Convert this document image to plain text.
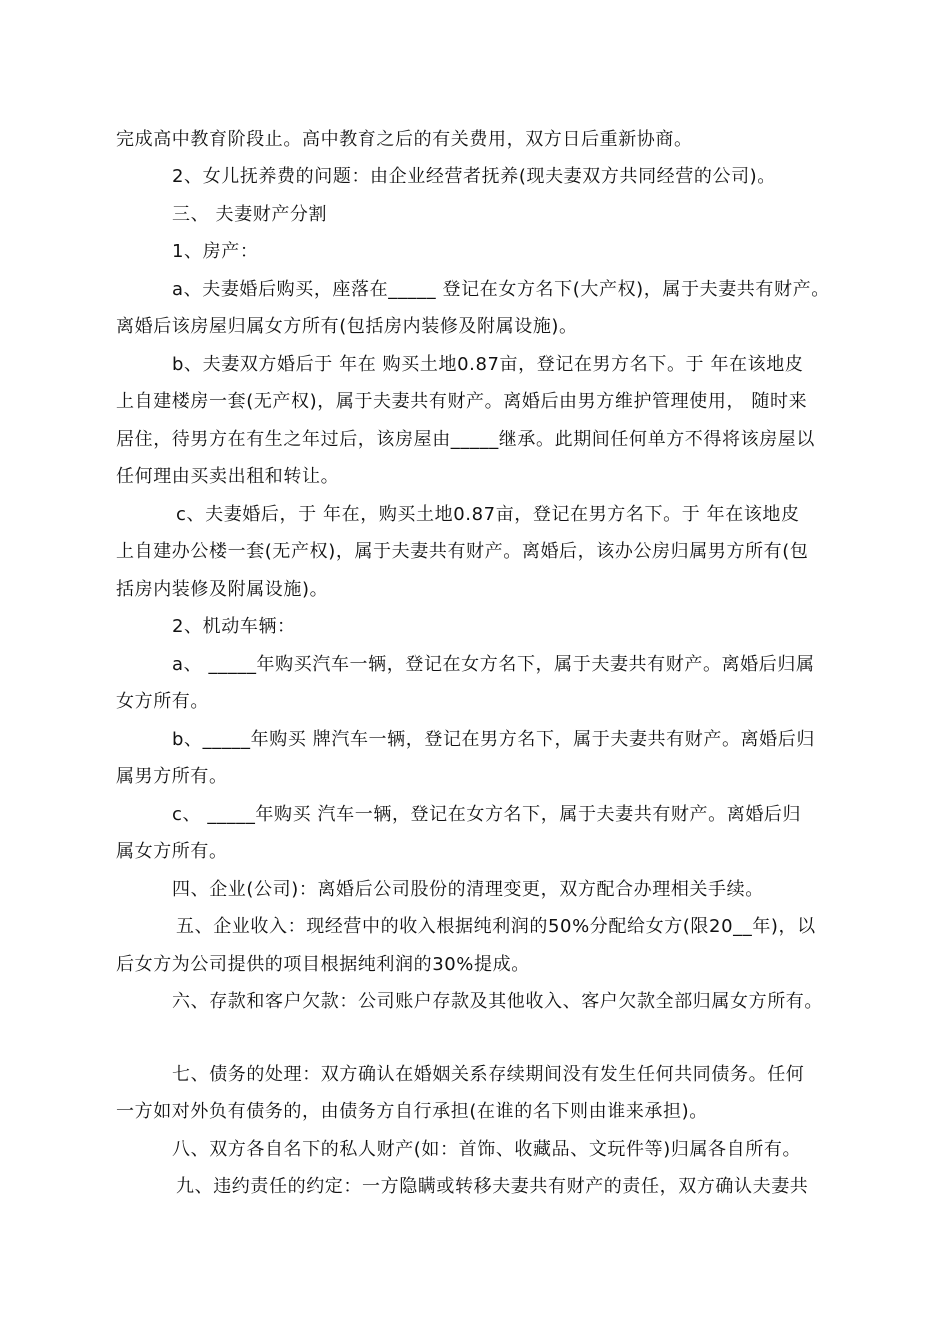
完成高中教育阶段止。高中教育之后的有关费用，双方日后重新协商。
2、女儿抚养费的问题：由企业经营者抚养(现夫妻双方共同经营的公司)。
三、 夫妻财产分割
1、房产：
a、夫妻婚后购买，座落在_____ 登记在女方名下(大产权)，属于夫妻共有财产。
离婚后该房屋归属女方所有(包括房内装修及附属设施)。
b、夫妻双方婚后于 年在 购买土地0.87亩，登记在男方名下。于 年在该地皮
上自建楼房一套(无产权)，属于夫妻共有财产。离婚后由男方维护管理使用， 随时来
居住，待男方在有生之年过后，该房屋由_____继承。此期间任何单方不得将该房屋以
任何理由买卖出租和转让。
c、夫妻婚后，于 年在，购买土地0.87亩，登记在男方名下。于 年在该地皮
上自建办公楼一套(无产权)，属于夫妻共有财产。离婚后，该办公房归属男方所有(包
括房内装修及附属设施)。
2、机动车辆：
a、 _____年购买汽车一辆，登记在女方名下，属于夫妻共有财产。离婚后归属
女方所有。
b、_____年购买 牌汽车一辆，登记在男方名下，属于夫妻共有财产。离婚后归
属男方所有。
c、 _____年购买 汽车一辆，登记在女方名下，属于夫妻共有财产。离婚后归
属女方所有。
四、企业(公司)：离婚后公司股份的清理变更，双方配合办理相关手续。
五、企业收入：现经营中的收入根据纯利润的50%分配给女方(限20__年)，以
后女方为公司提供的项目根据纯利润的30%提成。
六、存款和客户欠款：公司账户存款及其他收入、客户欠款全部归属女方所有。
七、债务的处理：双方确认在婚姻关系存续期间没有发生任何共同债务。任何
一方如对外负有债务的，由债务方自行承担(在谁的名下则由谁来承担)。
八、双方各自名下的私人财产(如：首饰、收藏品、文玩件等)归属各自所有。
九、违约责任的约定：一方隐瞒或转移夫妻共有财产的责任，双方确认夫妻共
